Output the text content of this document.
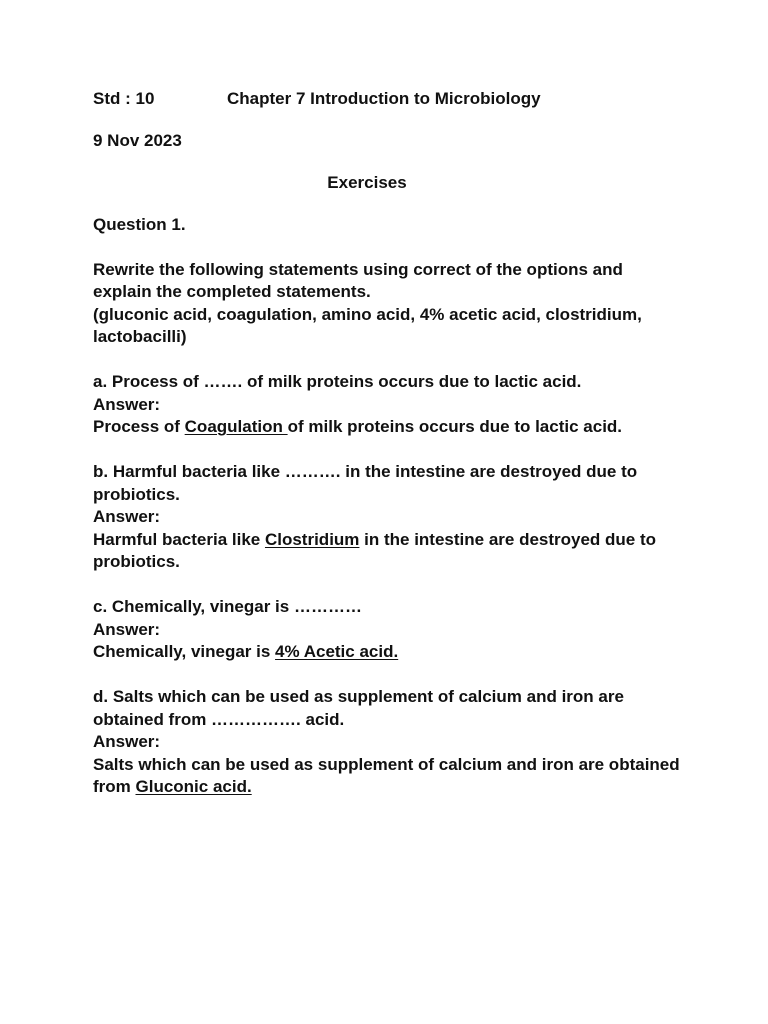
Std : 10	Chapter 7 Introduction to Microbiology

9 Nov 2023

Exercises

Question 1.

Rewrite the following statements using correct of the options and explain the completed statements.

(gluconic acid, coagulation, amino acid, 4% acetic acid, clostridium, lactobacilli)

a. Process of ……. of milk proteins occurs due to lactic acid.

Answer:

Process of Coagulation of milk proteins occurs due to lactic acid.

b. Harmful bacteria like ………. in the intestine are destroyed due to probiotics.

Answer:

Harmful bacteria like Clostridium in the intestine are destroyed due to probiotics.

c. Chemically, vinegar is …………

Answer:

Chemically, vinegar is 4% Acetic acid.

d. Salts which can be used as supplement of calcium and iron are obtained from ……………. acid.

Answer:

Salts which can be used as supplement of calcium and iron are obtained from Gluconic acid.
